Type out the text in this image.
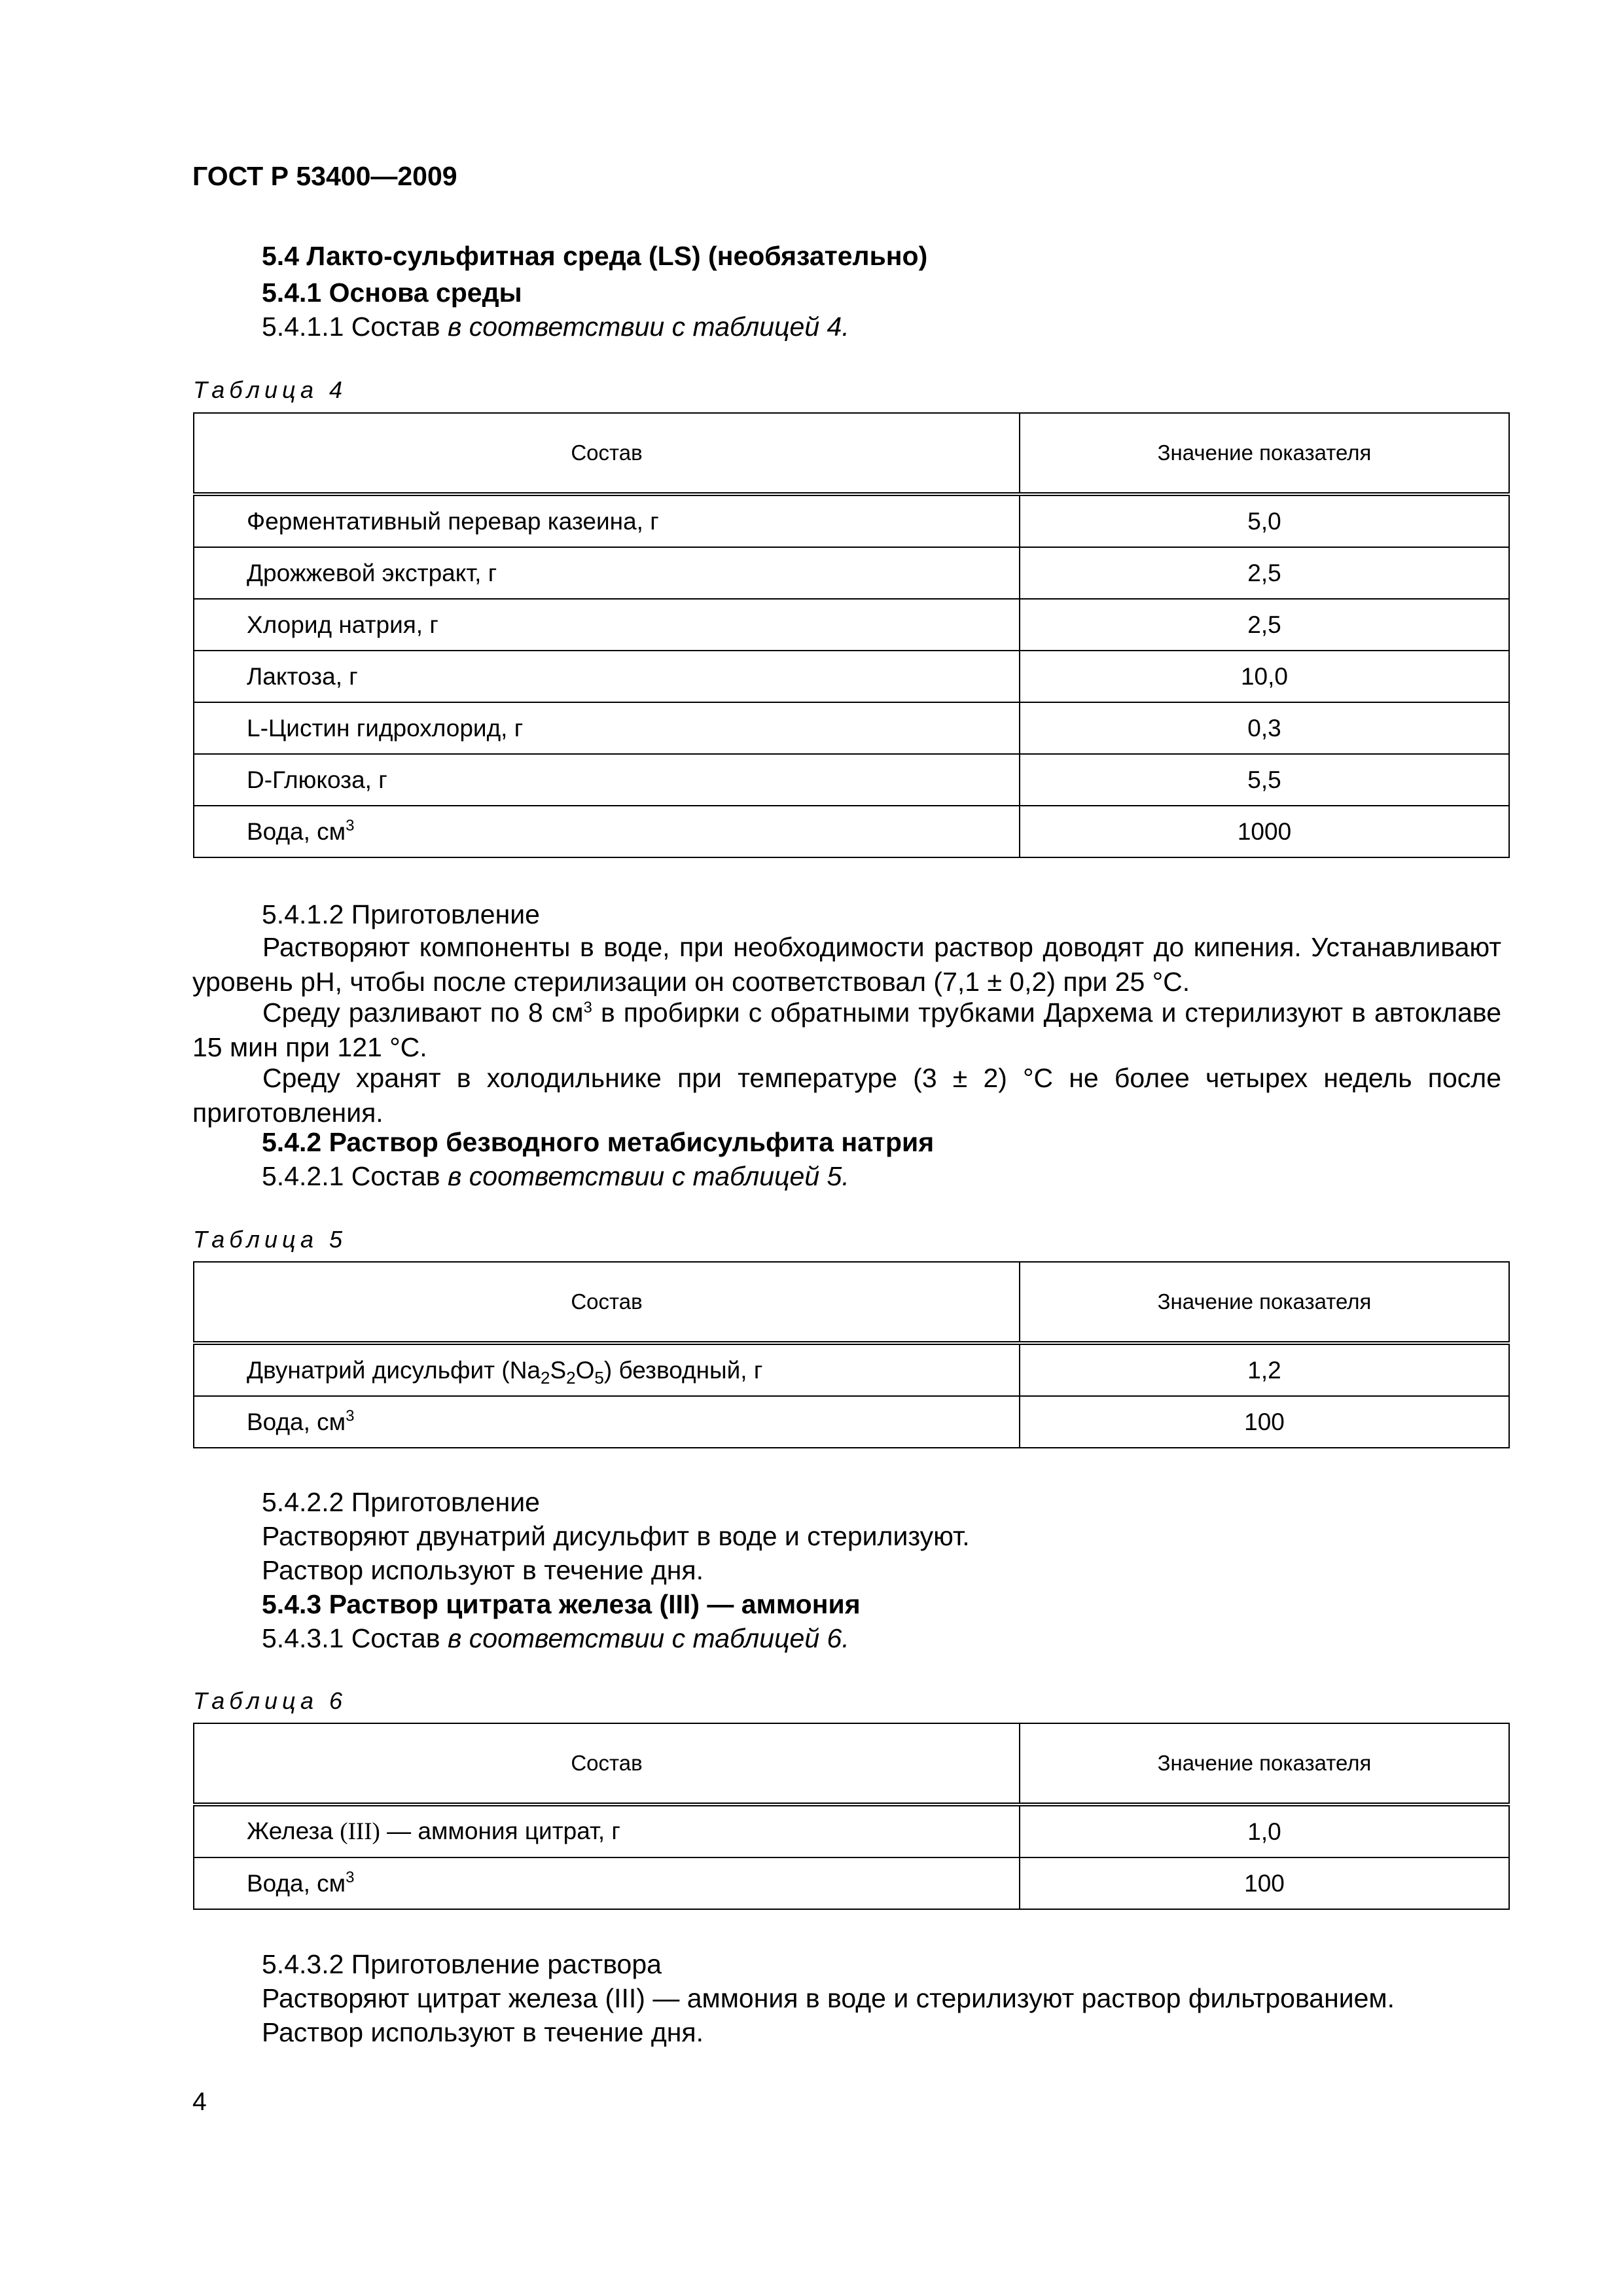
ГОСТ Р 53400—2009
5.4 Лакто-сульфитная среда (LS) (необязательно)
5.4.1 Основа среды
5.4.1.1 Состав в соответствии с таблицей 4.
Таблица 4
Состав	Значение показателя
Ферментативный перевар казеина, г	5,0
Дрожжевой экстракт, г	2,5
Хлорид натрия, г	2,5
Лактоза, г	10,0
L-Цистин гидрохлорид, г	0,3
D-Глюкоза, г	5,5
Вода, $см^3$	1000
5.4.1.2 Приготовление
Растворяют компоненты в воде, при необходимости раствор доводят до кипения. Устанавливают уровень pH, чтобы после стерилизации он соответствовал (7,1 ± 0,2) при 25 °С.
Среду разливают по 8 $см^3$ в пробирки с обратными трубками Дархема и стерилизуют в автоклаве 15 мин при 121 °С.
Среду хранят в холодильнике при температуре (3 ± 2) °С не более четырех недель после приготовления.
5.4.2 Раствор безводного метабисульфита натрия
5.4.2.1 Состав в соответствии с таблицей 5.
Таблица 5
Состав	Значение показателя
Двунатрий дисульфит $(Na_2S_2O_5)$ безводный, г	1,2
Вода, $см^3$	100
5.4.2.2 Приготовление
Растворяют двунатрий дисульфит в воде и стерилизуют.
Раствор используют в течение дня.
5.4.3 Раствор цитрата железа (III) — аммония
5.4.3.1 Состав в соответствии с таблицей 6.
Таблица 6
Состав	Значение показателя
Железа (III) — аммония цитрат, г	1,0
Вода, $см^3$	100
5.4.3.2 Приготовление раствора
Растворяют цитрат железа (III) — аммония в воде и стерилизуют раствор фильтрованием.
Раствор используют в течение дня.
4
